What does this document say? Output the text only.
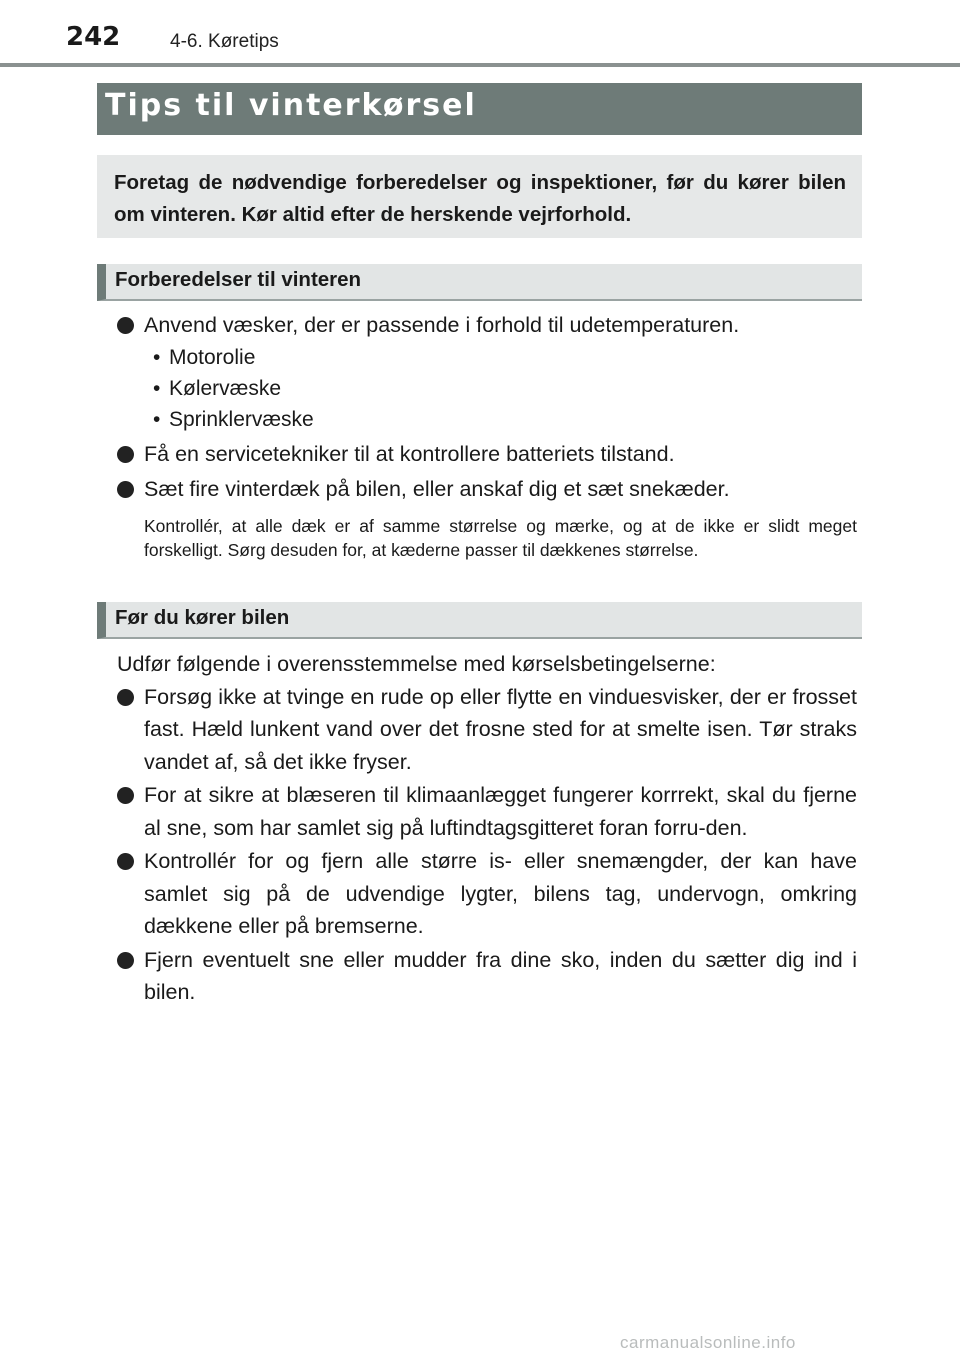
242	4-6. Køretips
Tips til vinterkørsel

Foretag de nødvendige forberedelser og inspektioner, før du kører bilen om vinteren. Kør altid efter de herskende vejrforhold.

Forberedelser til vinteren
Anvend væsker, der er passende i forhold til udetemperaturen.
• Motorolie
• Kølervæske
• Sprinklervæske
Få en servicetekniker til at kontrollere batteriets tilstand.
Sæt fire vinterdæk på bilen, eller anskaf dig et sæt snekæder.
Kontrollér, at alle dæk er af samme størrelse og mærke, og at de ikke er slidt meget forskelligt. Sørg desuden for, at kæderne passer til dækkenes størrelse.
Før du kører bilen
Udfør følgende i overensstemmelse med kørselsbetingelserne:
Forsøg ikke at tvinge en rude op eller flytte en vinduesvisker, der er frosset fast. Hæld lunkent vand over det frosne sted for at smelte isen. Tør straks vandet af, så det ikke fryser.
For at sikre at blæseren til klimaanlægget fungerer korrrekt, skal du fjerne al sne, som har samlet sig på luftindtagsgitteret foran forru-den.
Kontrollér for og fjern alle større is- eller snemængder, der kan have samlet sig på de udvendige lygter, bilens tag, undervogn, omkring dækkene eller på bremserne.
Fjern eventuelt sne eller mudder fra dine sko, inden du sætter dig ind i bilen.
carmanualsonline.info
